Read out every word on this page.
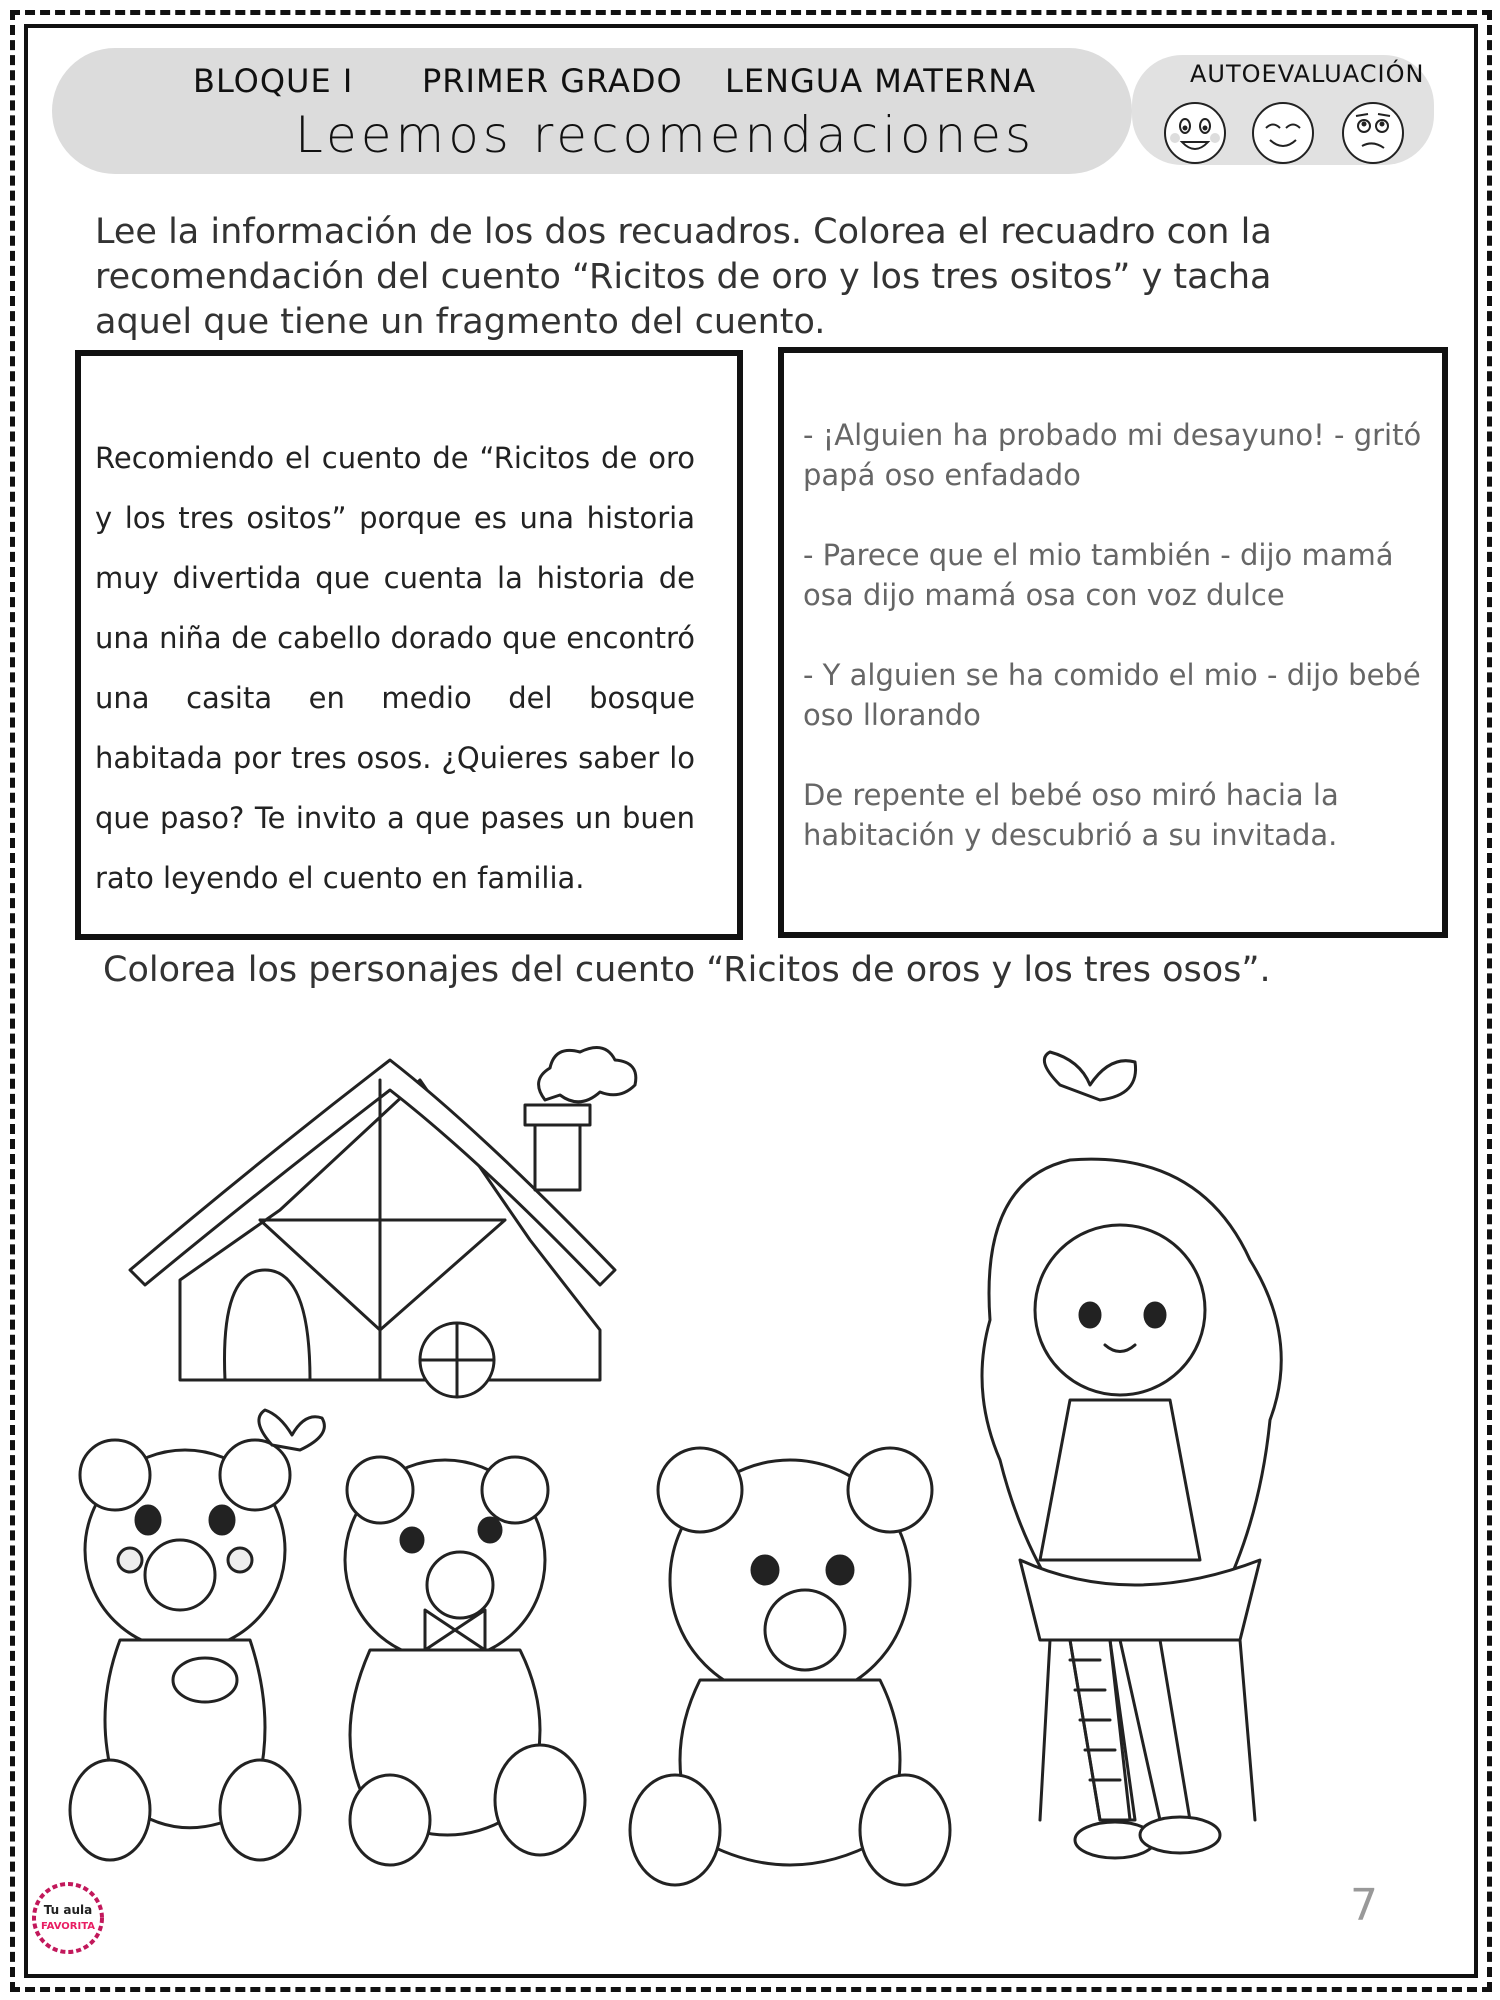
BLOQUE I PRIMER GRADO LENGUA MATERNA
Leemos recomendaciones
AUTOEVALUACIÓN
Lee la información de los dos recuadros. Colorea el recuadro con la recomendación del cuento “Ricitos de oro y los tres ositos” y tacha aquel que tiene un fragmento del cuento.
Recomiendo el cuento de “Ricitos de oro y los tres ositos” porque es una historia muy divertida que cuenta la historia de una niña de cabello dorado que encontró una casita en medio del bosque habitada por tres osos. ¿Quieres saber lo que paso? Te invito a que pases un buen rato leyendo el cuento en familia.
- ¡Alguien ha probado mi desayuno! - gritó papá oso enfadado
- Parece que el mio también - dijo mamá osa dijo mamá osa con voz dulce
- Y alguien se ha comido el mio - dijo bebé oso llorando
De repente el bebé oso miró hacia la habitación y descubrió a su invitada.
Colorea los personajes del cuento “Ricitos de oros y los tres osos”.
7
Tu aula
FAVORITA
